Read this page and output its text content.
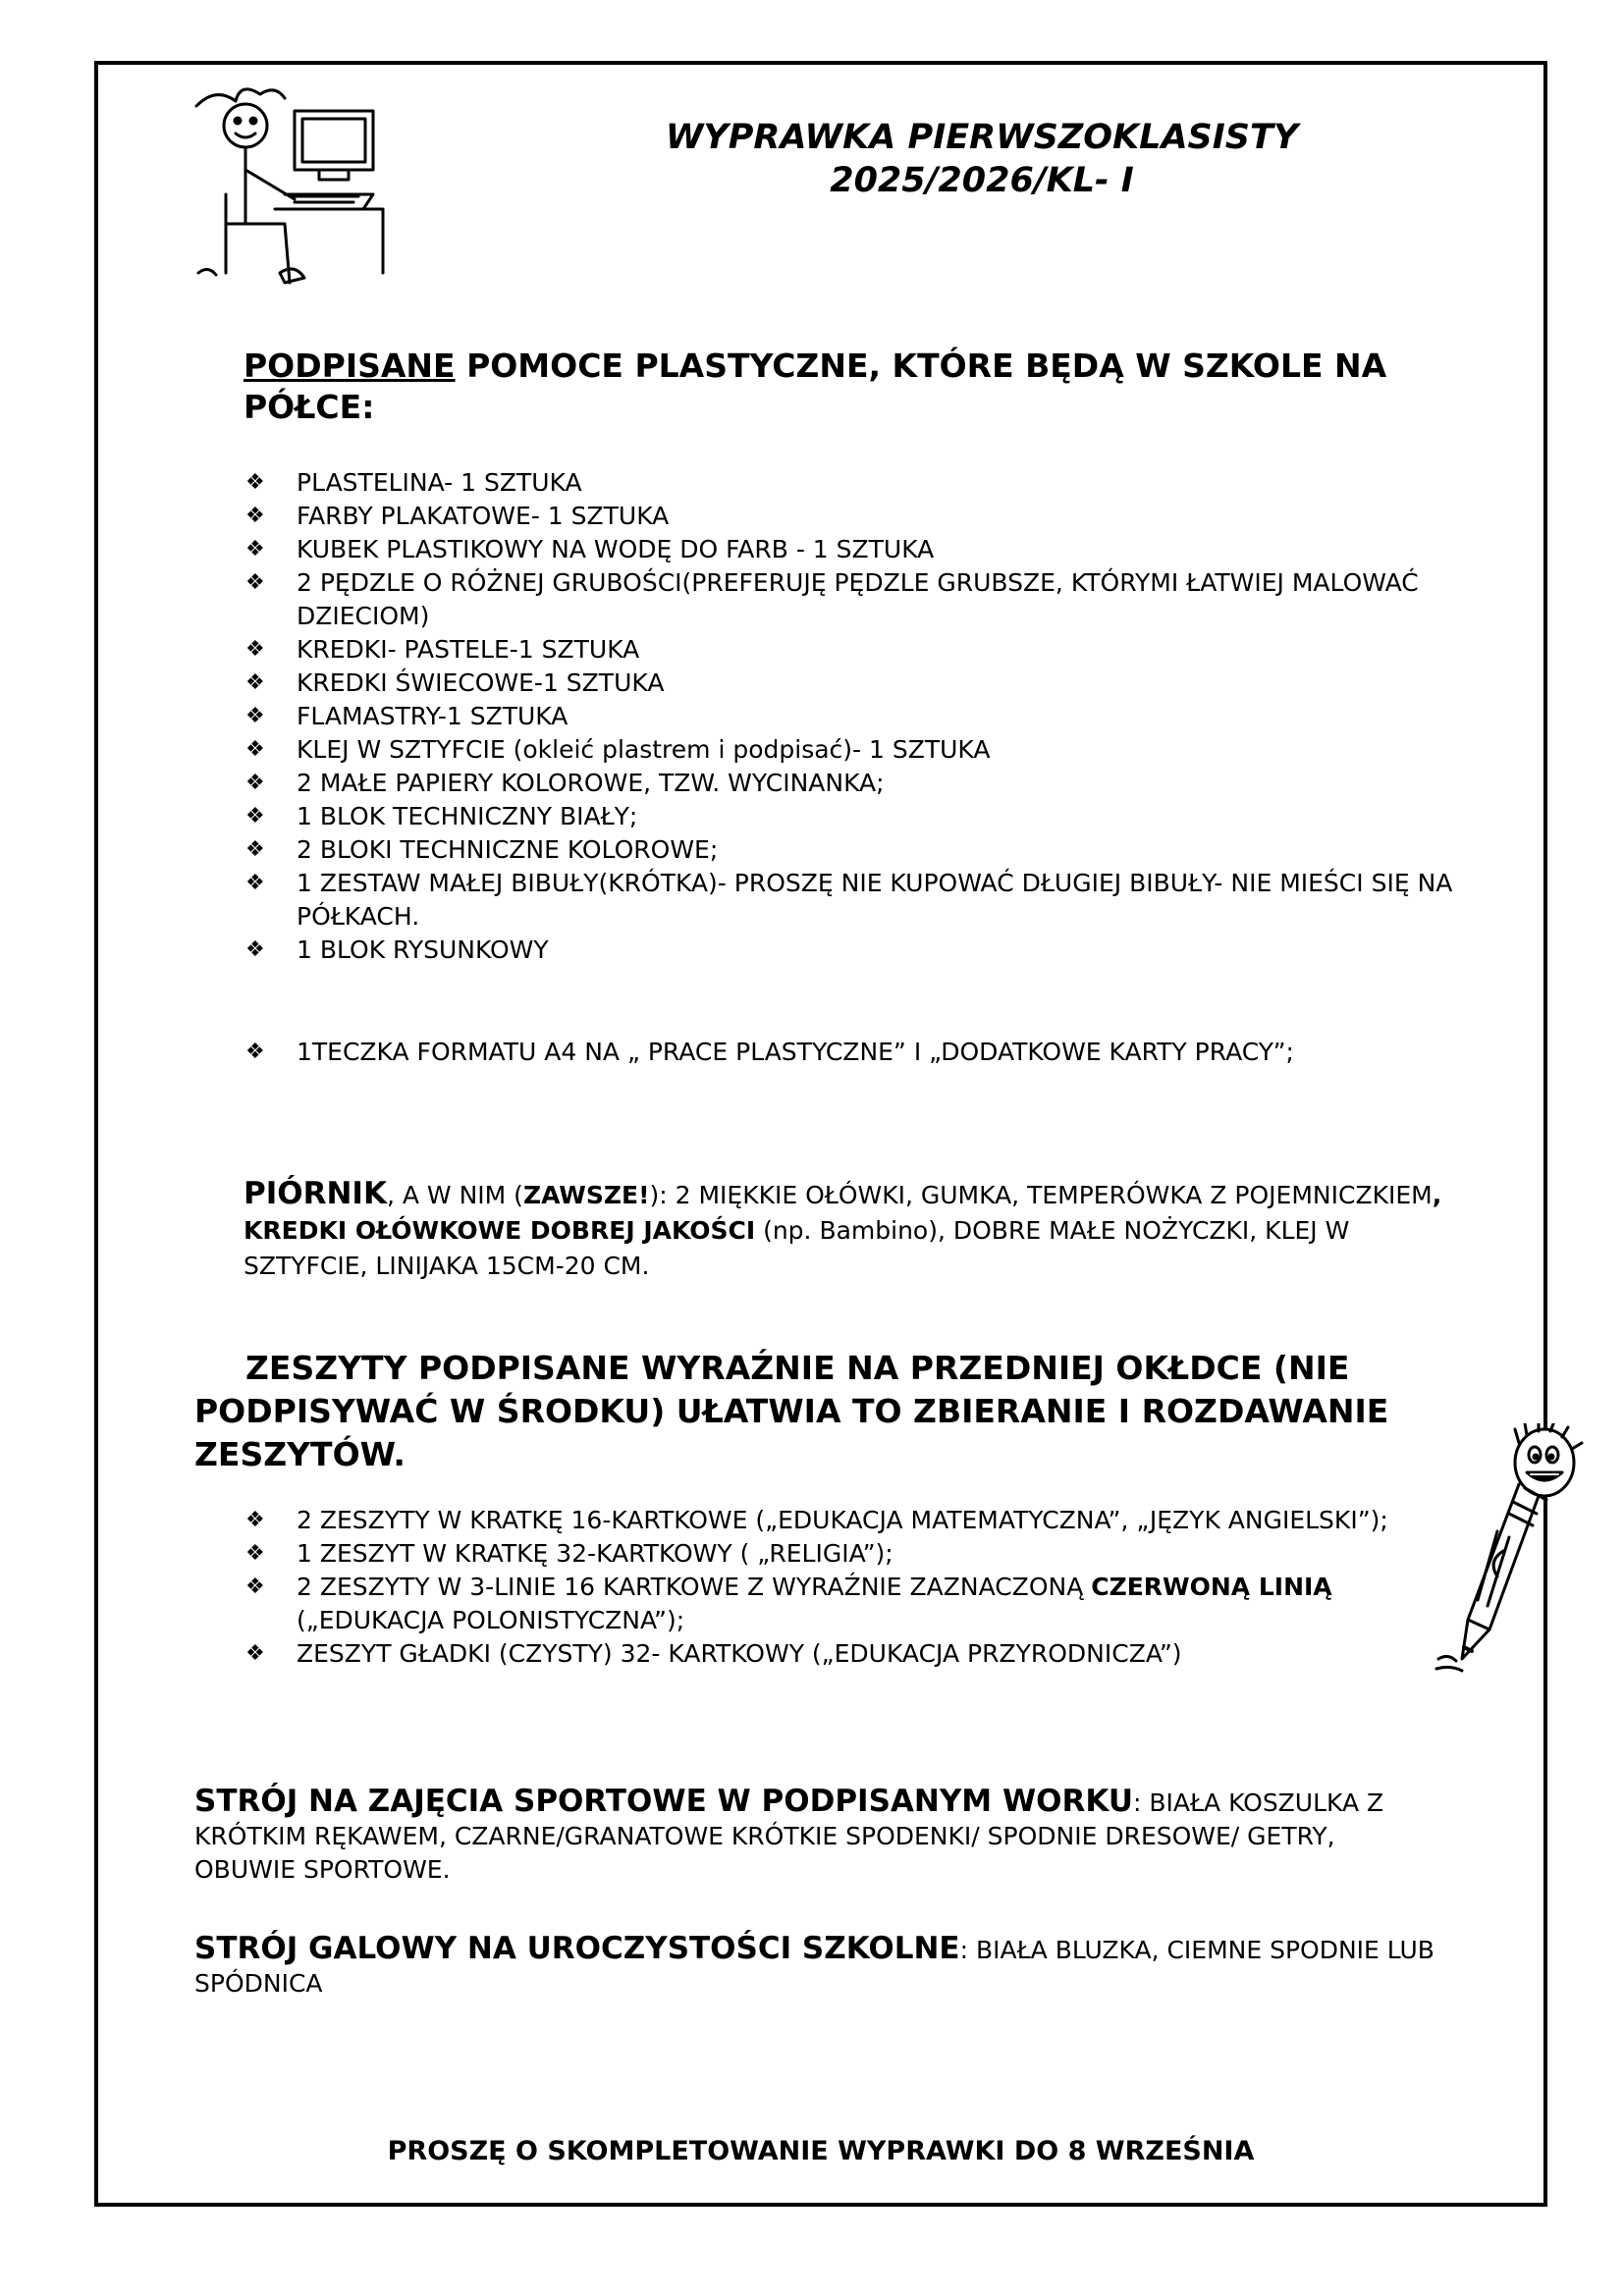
WYPRAWKA PIERWSZOKLASISTY
2025/2026/KL- I
PODPISANE POMOCE PLASTYCZNE, KTÓRE BĘDĄ W SZKOLE NA PÓŁCE:
❖ PLASTELINA- 1 SZTUKA
❖ FARBY PLAKATOWE- 1 SZTUKA
❖ KUBEK PLASTIKOWY NA WODĘ DO FARB - 1 SZTUKA
❖ 2 PĘDZLE O RÓŻNEJ GRUBOŚCI(PREFERUJĘ PĘDZLE GRUBSZE, KTÓRYMI ŁATWIEJ MALOWAĆ DZIECIOM)
❖ KREDKI- PASTELE-1 SZTUKA
❖ KREDKI ŚWIECOWE-1 SZTUKA
❖ FLAMASTRY-1 SZTUKA
❖ KLEJ W SZTYFCIE (okleić plastrem i podpisać)- 1 SZTUKA
❖ 2 MAŁE PAPIERY KOLOROWE, TZW. WYCINANKA;
❖ 1 BLOK TECHNICZNY BIAŁY;
❖ 2 BLOKI TECHNICZNE KOLOROWE;
❖ 1 ZESTAW MAŁEJ BIBUŁY(KRÓTKA)- PROSZĘ NIE KUPOWAĆ DŁUGIEJ BIBUŁY- NIE MIEŚCI SIĘ NA PÓŁKACH.
❖ 1 BLOK RYSUNKOWY
❖ 1TECZKA FORMATU A4 NA „ PRACE PLASTYCZNE” I „DODATKOWE KARTY PRACY”;
PIÓRNIK, A W NIM (ZAWSZE!): 2 MIĘKKIE OŁÓWKI, GUMKA, TEMPERÓWKA Z POJEMNICZKIEM, KREDKI OŁÓWKOWE DOBREJ JAKOŚCI (np. Bambino), DOBRE MAŁE NOŻYCZKI, KLEJ W SZTYFCIE, LINIJAKA 15CM-20 CM.
ZESZYTY PODPISANE WYRAŹNIE NA PRZEDNIEJ OKŁDCE (NIE PODPISYWAĆ W ŚRODKU) UŁATWIA TO ZBIERANIE I ROZDAWANIE ZESZYTÓW.
❖ 2 ZESZYTY W KRATKĘ 16-KARTKOWE („EDUKACJA MATEMATYCZNA”, „JĘZYK ANGIELSKI”);
❖ 1 ZESZYT W KRATKĘ 32-KARTKOWY ( „RELIGIA”);
❖ 2 ZESZYTY W 3-LINIE 16 KARTKOWE Z WYRAŹNIE ZAZNACZONĄ CZERWONĄ LINIĄ („EDUKACJA POLONISTYCZNA”);
❖ ZESZYT GŁADKI (CZYSTY) 32- KARTKOWY („EDUKACJA PRZYRODNICZA”)
STRÓJ NA ZAJĘCIA SPORTOWE W PODPISANYM WORKU: BIAŁA KOSZULKA Z KRÓTKIM RĘKAWEM, CZARNE/GRANATOWE KRÓTKIE SPODENKI/ SPODNIE DRESOWE/ GETRY, OBUWIE SPORTOWE.
STRÓJ GALOWY NA UROCZYSTOŚCI SZKOLNE: BIAŁA BLUZKA, CIEMNE SPODNIE LUB SPÓDNICA
PROSZĘ O SKOMPLETOWANIE WYPRAWKI DO 8 WRZEŚNIA
